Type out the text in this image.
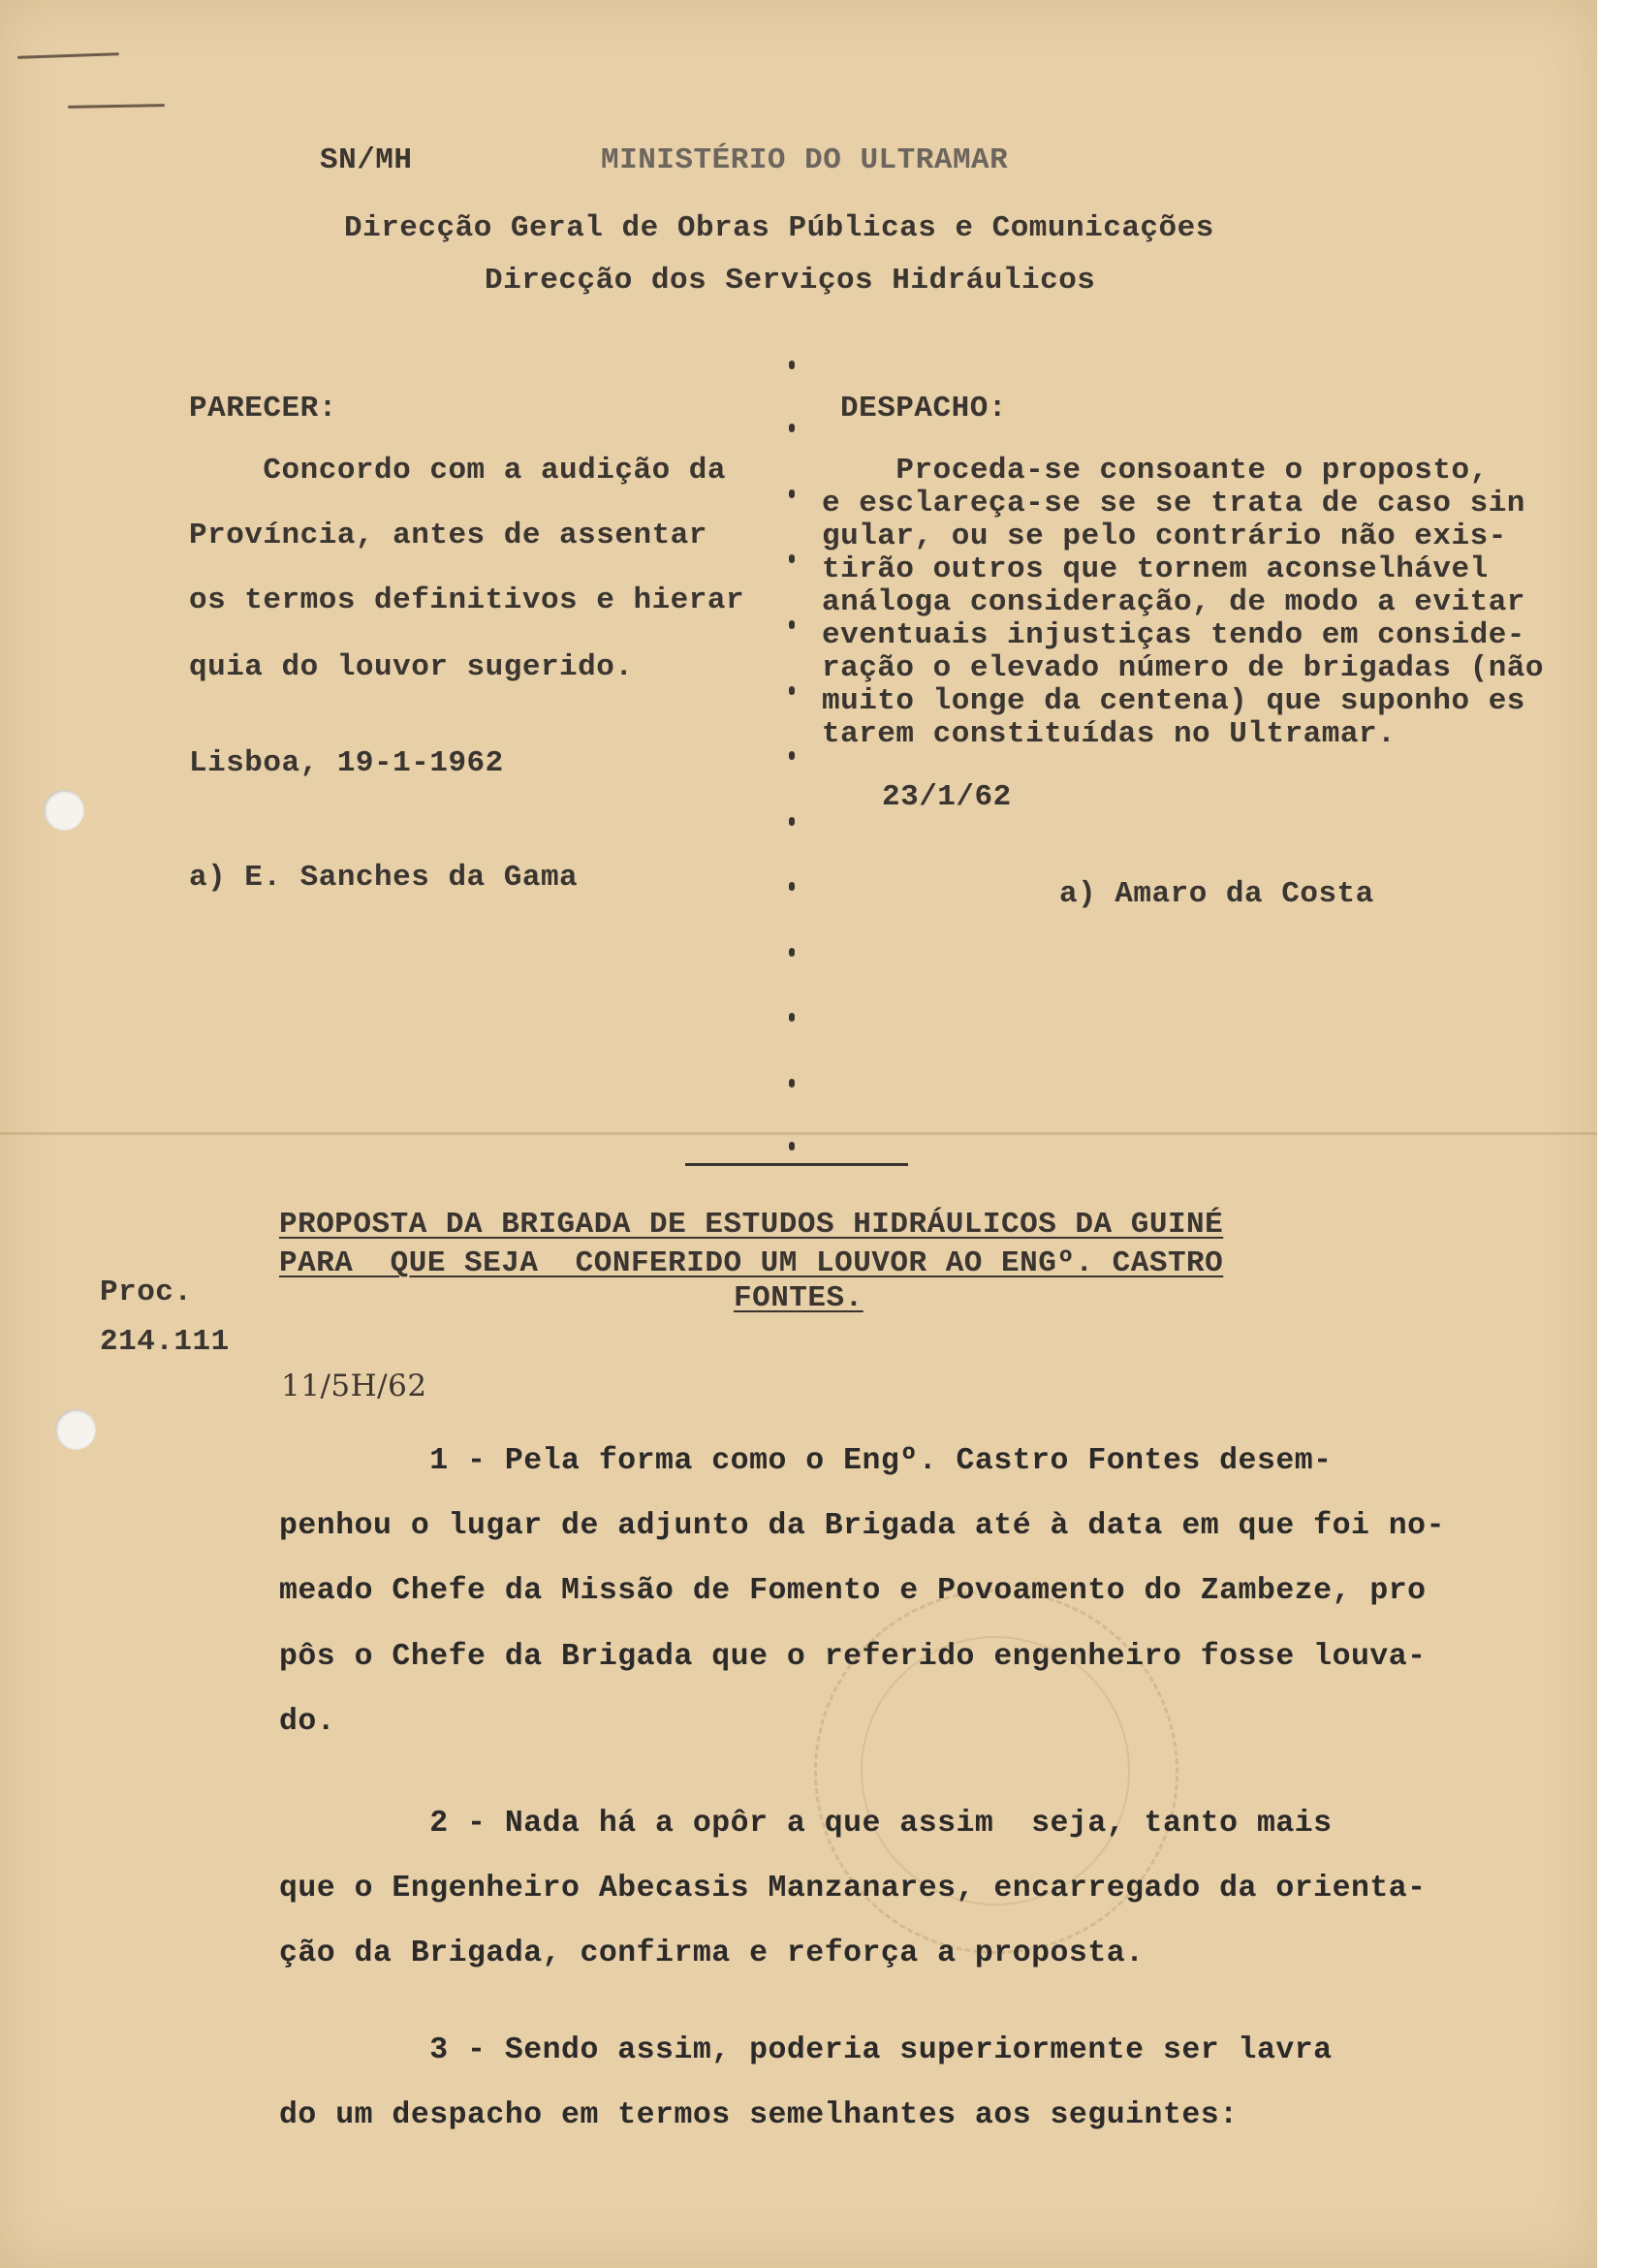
SN/MH	MINISTÉRIO DO ULTRAMAR

Direcção Geral de Obras Públicas e Comunicações

Direcção dos Serviços Hidráulicos

PARECER:

Concordo com a audição da

Província, antes de assentar

os termos definitivos e hierar

quia do louvor sugerido.

Lisboa, 19-1-1962

a) E. Sanches da Gama

DESPACHO:

Proceda-se consoante o proposto,

e esclareça-se se se trata de caso sin

gular, ou se pelo contrário não exis-

tirão outros que tornem aconselhável

análoga consideração, de modo a evitar

eventuais injustiças tendo em conside-

ração o elevado número de brigadas (não

muito longe da centena) que suponho es

tarem constituídas no Ultramar.

23/1/62

a) Amaro da Costa

PROPOSTA DA BRIGADA DE ESTUDOS HIDRÁULICOS DA GUINÉ

PARA  QUE SEJA  CONFERIDO UM LOUVOR AO ENGº. CASTRO

FONTES.

Proc.

214.111

11/5H/62

1 - Pela forma como o Engº. Castro Fontes desem-

penhou o lugar de adjunto da Brigada até à data em que foi no-

meado Chefe da Missão de Fomento e Povoamento do Zambeze, pro

pôs o Chefe da Brigada que o referido engenheiro fosse louva-

do.

2 - Nada há a opôr a que assim  seja, tanto mais

que o Engenheiro Abecasis Manzanares, encarregado da orienta-

ção da Brigada, confirma e reforça a proposta.

3 - Sendo assim, poderia superiormente ser lavra

do um despacho em termos semelhantes aos seguintes:
